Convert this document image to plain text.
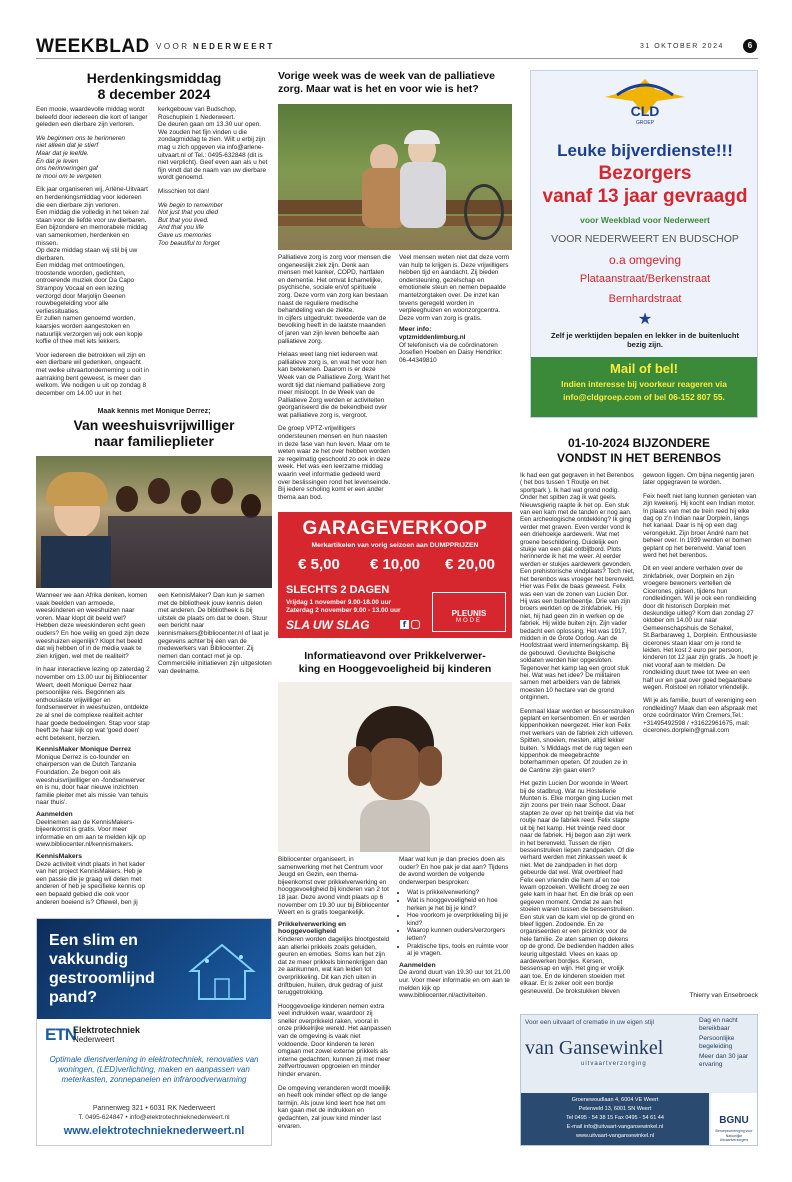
WEEKBLAD VOOR NEDERWEERT	31 OKTOBER 2024	6
Herdenkingsmiddag
8 december 2024

Een mooie, waardevolle middag wordt beleefd door iedereen die kort of langer geleden een dierbare zijn verloren.

We beginnen ons te herinneren
niet alleen dat je stierf
Maar dat je leefde.
En dat je leven
ons herinneringen gaf
te mooi om te vergeten

Elk jaar organiseren wij, Arlène-Uitvaart en herdenkingsmiddag voor iedereen die een dierbare zijn verloren.

Een middag die volledig in het teken zal staan voor de liefde voor uw dierbaren.

Een bijzondere en memorabele middag van samenkomen, herdenken en missen.

Op deze middag staan wij stil bij uw dierbaren.

Een middag met ontmoetingen, troostende woorden, gedichten, ontroerende muziek door Da Capo Strampoy Vocaal en een lezing verzorgd door Marjolijn Geenen rouwbegeleiding voor alle verliessituaties.

Er zullen namen genoemd worden, kaarsjes worden aangestoken en natuurlijk verzorgen wij ook een kopje koffie of thee met iets lekkers.

Voor iedereen die betrokken wil zijn en een dierbare wil gedenken, ongeacht met welke uitvaartonderneming u ooit in aanraking bent geweest, is meer dan welkom. We nodigen u uit op zondag 8 december om 14.00 uur in het kerkgebouw van Budschop, Roschuplein 1 Nederweert.

De deuren gaan om 13.30 uur open.

We zouden het fijn vinden u die zondagmiddag te zien. Wilt u erbij zijn mag u zich opgeven via info@arlene-uitvaart.nl of Tel.: 0495-632848 (dit is niet verplicht). Geef even aan als u het fijn vindt dat de naam van uw dierbare wordt genoemd.

Misschien tot dan!

We begin to remember
Not just that you died
But that you lived.
And that you life
Gave us memories
Too beautiful to forget
Maak kennis met Monique Derrez;
Van weeshuisvrijwilliger
naar familieplieter

Wanneer we aan Afrika denken, komen vaak beelden van armoede, weeskinderen en weeshuizen naar voren. Maar klopt dit beeld wel? Hebben deze weeskinderen echt geen ouders? En hoe veilig en goed zijn deze weeshuizen eigenlijk? Klopt het beeld dat wij hebben of in de media vaak te zien krijgen, wel met de realiteit?

In haar interactieve lezing op zaterdag 2 november om 13.00 uur bij Bibliocenter Weert, deelt Monique Derrez haar persoonlijke reis. Begonnen als enthousiaste vrijwilliger en fondsenwerver in weeshuizen, ontdekte ze al snel de complexe realiteit achter haar goede bedoelingen. Stap voor stap heeft ze haar kijk op wat 'goed doen' echt betekent, herzien.

KennisMaker Monique Derrez

Monique Derrez is co-founder en chairperson van de Dutch Tanzania Foundation. Ze begon ooit als weeshuisvrijwilliger en -fondsenwerver en is nu, door haar nieuwe inzichten familie pleiter met als missie 'van tehuis naar thuis'.

Aanmelden

Deelnemen aan de KennisMakers-bijeenkomst is gratis. Voor meer informatie en om aan te melden kijk op www.bibliocenter.nl/kennismakers.

KennisMakers

Deze activiteit vindt plaats in het kader van het project KennisMakers. Heb je een passie die je graag wil delen met anderen of heb je specifieke kennis op een bepaald gebied die ook voor anderen boeiend is? Oftewel, ben jij een KennisMaker? Dan kun je samen met de bibliotheek jouw kennis delen met anderen. De bibliotheek is bij uitstek de plaats om dat te doen. Stuur een bericht naar kennismakers@bibliocenter.nl of laat je gegevens achter bij één van de medewerkers van Bibliocenter. Zij nemen dan contact met je op. Commerciële initiatieven zijn uitgesloten van deelname.

Een slim en
vakkundig
gestroomlijnd
pand?
ETN
Elektrotechniek
Nederweert
Optimale dienstverlening in elektrotechniek, renovaties van woningen, (LED)verlichting, maken en aanpassen van meterkasten, zonnepanelen en infraroodverwarming
Pannenweg 321 • 6031 RK Nederweert
T. 0495-624847 • info@elektrotechnieknederweert.nl
www.elektrotechnieknederweert.nl
Vorige week was de week van de palliatieve
zorg. Maar wat is het en voor wie is het?

Palliatieve zorg is zorg voor mensen die ongeneeslijk ziek zijn. Denk aan mensen met kanker, COPD, hartfalen en dementie. Het omvat lichamelijke, psychische, sociale en/of spirituele zorg. Deze vorm van zorg kan bestaan naast de reguliere medische behandeling van de ziekte.

In cijfers uitgedrukt: tweederde van de bevolking heeft in de laatste maanden of jaren van zijn leven behoefte aan palliatieve zorg.

Helaas weet lang niet iedereen wat palliatieve zorg is, en wat het voor hen kan betekenen. Daarom is er deze Week van de Palliatieve Zorg. Want het wordt tijd dat niemand palliatieve zorg meer misloopt. In de Week van de Palliatieve Zorg werden er activiteiten georganiseerd die de bekendheid over wat palliatieve zorg is, vergroot.

De groep VPTZ-vrijwilligers ondersteunen mensen en hun naasten in deze fase van hun leven. Maar om te weten waar ze het over hebben worden ze regelmatig geschoold zo ook in deze week. Het was een leerzame middag waarin veel informatie gedeeld werd over beslissingen rond het levenseinde. Bij iedere scholing komt er een ander thema aan bod.

Veel mensen weten niet dat deze vorm van hulp te krijgen is. Deze vrijwilligers hebben tijd en aandacht. Zij bieden ondersteuning, gezelschap en emotionele steun en nemen bepaalde mantelzorgtaken over. De inzet kan tevens geregeld worden in verpleeghuizen en woonzorgcentra. Deze vorm van zorg is gratis.

Meer info:

vptzmiddenlimburg.nl

Of telefonisch via de coördinatoren Josefien Hoeben en Daisy Hendrikx: 06-44349810

GARAGEVERKOOP
Merkartikelen van vorig seizoen aan DUMPPRIJZEN
€ 5,00	€ 10,00	€ 20,00
SLECHTS 2 DAGEN
Vrijdag 1 november 9.00-18.00 uur
Zaterdag 2 november 9.00 - 13.00 uur
SLA UW SLAG	f
PLEUNIS
MODE
Informatieavond over Prikkelverwer-
king en Hooggevoeligheid bij kinderen

Bibliocenter organiseert, in samenwerking met het Centrum voor Jeugd en Gezin, een thema-bijeenkomst over prikkelverwerking en hooggevoeligheid bij kinderen van 2 tot 18 jaar. Deze avond vindt plaats op 6 november om 19.30 uur bij Bibliocenter Weert en is gratis toegankelijk.

Prikkelverwerking en hooggevoeligheid

Kinderen worden dagelijks blootgesteld aan allerlei prikkels zoals geluiden, geuren en emoties. Soms kan het zijn dat ze meer prikkels binnenkrijgen dan ze aankunnen, wat kan leiden tot overprikkeling. Dit kan zich uiten in driftbuien, huilen, druk gedrag of juist teruggetrokking.

Hooggevoelige kinderen nemen extra veel indrukken waar, waardoor zij sneller overprikkeld raken, vooral in onze prikkelrijke wereld. Het aanpassen van de omgeving is vaak niet voldoende. Door kinderen te leren omgaan met zowel externe prikkels als interne gedachten, kunnen zij met meer zelfvertrouwen opgroeien en minder hinder ervaren.

De omgeving veranderen wordt moeilijk en heeft ook minder effect op de lange termijn. Als jouw kind leert hoe het om kan gaan met de indrukken en gedachten, zal jouw kind minder last ervaren.

Maar wat kun je dan precies doen als ouder? En hoe pak je dat aan? Tijdens de avond worden de volgende onderwerpen besproken:

• Wat is prikkelverwerking?
• Wat is hooggevoeligheid en hoe herken je het bij je kind?
• Hoe voorkom je overprikkeling bij je kind?
• Waarop kunnen ouders/verzorgers letten?
• Praktische tips, tools en ruimte voor al je vragen.
Aanmelden

De avond duurt van 19.30 uur tot 21.00 uur. Voor meer informatie en om aan te melden kijk op www.bibliocenter.nl/activiteiten.

CLD
GROEP
Leuke bijverdienste!!!
Bezorgers
vanaf 13 jaar gevraagd
voor Weekblad voor Nederweert
VOOR NEDERWEERT EN BUDSCHOP
o.a omgeving
Plataanstraat/Berkenstraat
Bernhardstraat
★
Zelf je werktijden bepalen en lekker in de buitenlucht bezig zijn.
Mail of bel!
Indien interesse bij voorkeur reageren via
info@cldgroep.com of bel 06-152 807 55.
01-10-2024 BIJZONDERE
VONDST IN HET BERENBOS

Ik had een gat gegraven in het Berenbos ( het bos tussen 't Routje en het sportpark ). Ik had wat grond nodig. Onder het spitten zag ik wat geels. Nieuwsgierig raapte ik het op. Een stuk van een kam met de tanden er nog aan. Een archeologische ontdekking? Ik ging verder met graven. Even verder vond ik een driehoekje aardewerk. Wat met groene beschildering. Duidelijk een stukje van een plat ontbijtbord. Plots herinnerde ik het me weer. Al eerder werden er stukjes aardewerk gevonden. Een prehistorische vindplaats? Toch niet, het berenbos was vroeger het berenveld. Hier was Felix de baas geweest. Felix was een van de zonen van Lucien Dor. Hij was een buitenbeentje. Drie van zijn broers werkten op de zinkfabriek. Hij niet, hij had geen zin in werken op de fabriek. Hij wilde buiten zijn. Zijn vader bedacht een oplossing. Het was 1917, midden in de Grote Oorlog. Aan de Hoofdstraat werd interneringskamp. Bij de gebouwd. Gevluchte Belgische soldaten werden hier opgesloten. Tegenover het kamp lag een groot stuk hei. Wat was het idee? De militairen samen met arbeiders van de fabriek moesten 10 hectare van de grond ontginnen.

Eenmaal klaar werden er bessenstruiken geplant en kersenbomen. En er werden kippenhokken neergezet. Hier kon Felix met werkers van de fabriek zich uitleven. Spitten, snoeien, mesten, altijd lekker buiten. 's Middags met de rug tegen een kippenhok de meegebrachte boterhammen opeten. Of zouden ze in de Cantine zijn gaan eten?

Het gezin Lucien Dor woonde in Weert bij de stadbrug. Wat nu Hostellerie Munten is. Elke morgen ging Lucien met zijn zoons per trein naar Schoot. Daar stapten ze over op het treintje dat via het routje naar de fabriek reed. Felix stapte uit bij het kamp. Het treintje reed door naar de fabriek. Hij begon aan zijn werk in het berenveld. Tussen de rijen bessenstruiken liepen zandpaden. Of die verhard werden met zinkassen weet ik niet. Met de zandpaden in het dorp gebeurde dat wel. Wat overbleef had Felix een vriendin die hem af en toe kwam opzoeken. Wellicht droeg ze een gele kam in haar het. En die brak op een gegeven moment. Omdat ze aan het stoeien waren tussen de bessenstruiken. Een stuk van de kam viel op de grond en bleef liggen. Zodoende. En ze organiseerden er een picknick voor de hele familie. Ze aten samen op dekens op de grond. De bedienden hadden alles keurig uitgestald. Vlees en kaas op aardewerken bordjes. Kersen, bessensap en wijn. Het ging er vrolijk aan toe. En de kinderen stoeiden met elkaar. Er is zeker ooit een bordje gesneuveld. De brokstukken bleven gewoon liggen. Om bijna negentig jaren later opgegraven te worden.

Feix heeft niet lang kunnen genieten van zijn kwekerij. Hij kocht een Indian motor. In plaats van met de trein reed hij elke dag op z'n Indian naar Dorplein, langs het kanaal. Daar is hij op een dag verongelukt. Zijn broer André nam het beheer over. In 1939 werden er bomen geplant op het berenveld. Vanaf toen werd het het berenbos.

Dit en veel andere verhalen over de zinkfabriek, over Dorplein en zijn vroegere bewoners vertellen de Cicerones, gidsen, tijdens hun rondleidingen. Wil je ook een rondleiding door dit historisch Dorplein met deskundige uitleg? Kom dan zondag 27 oktober om 14.00 uur naar Gemeenschapshuis de Schakel, St.Barbaraweg 1, Dorplein. Enthousiaste cicerones staan klaar om je rond te leiden. Het kost 2 euro per persoon, kinderen tot 12 jaar zijn gratis. Je hoeft je niet vooraf aan te melden. De rondleiding duurt twee tot twee en een half uur en gaat over goed begaanbare wegen. Rolstoel en rollator vriendelijk.

Wil je als familie, buurt of vereniging een rondleiding? Maak dan een afspraak met onze coördinator Wim Cremers,Tel.: +31495492598 / +31622961675, mail: cicerones.dorplein@gmail.com

Thierry van Ensebroeck
Voor een uitvaart of crematie in uw eigen stijl
van Gansewinkel
uitvaartverzorging
Dag en nacht bereikbaar
Persoonlijke begeleiding
Meer dan 30 jaar ervaring
Groenewoudlaan 4, 6004 VE Weert
Peterweld 13, 6001 SN Weert
Tel 0495 - 54 38 15 Fax 0495 - 54 61 44
E-mail info@uitvaart-vangansewinkel.nl
www.uitvaart-vangansewinkel.nl
BGNU
Beroepsvereniging voor Natuurlijke Uitvaartverzorgers
